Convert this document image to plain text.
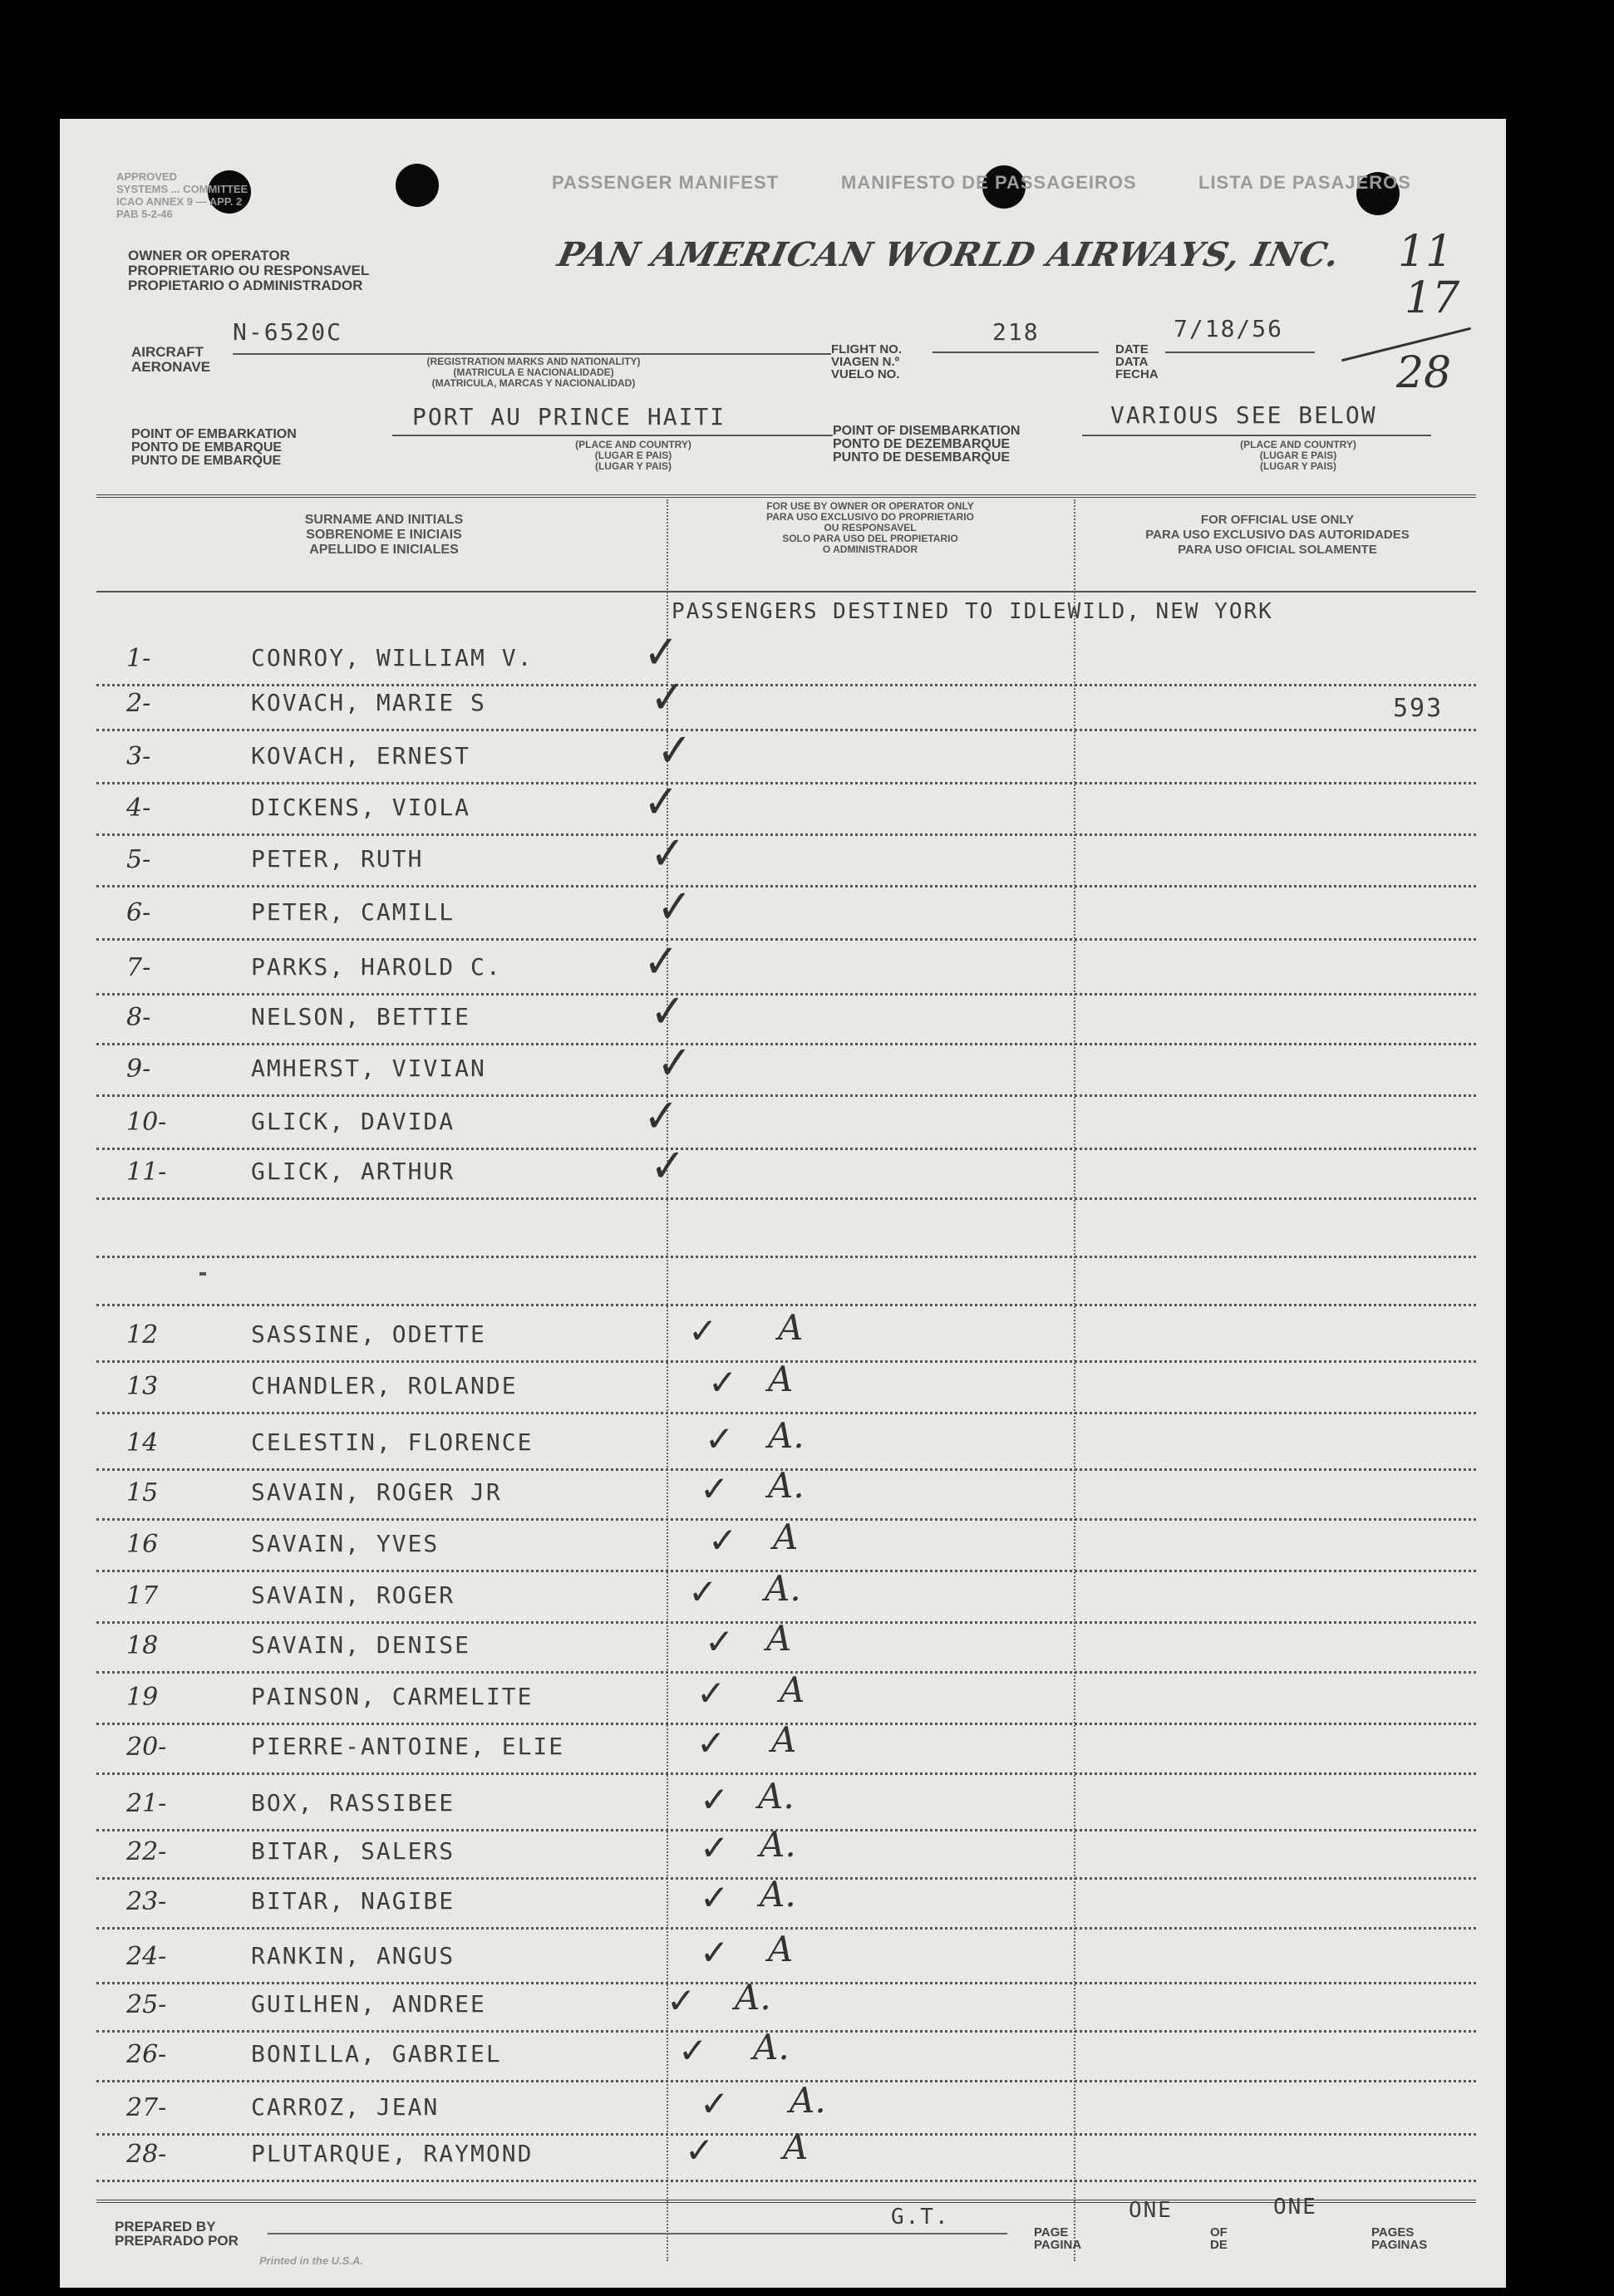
APPROVED
SYSTEMS ... COMMITTEE
ICAO ANNEX 9 — APP. 2
PAB 5-2-46
PASSENGER MANIFEST	MANIFESTO DE PASSAGEIROS	LISTA DE PASAJEROS
OWNER OR OPERATOR
PROPRIETARIO OU RESPONSAVEL
PROPIETARIO O ADMINISTRADOR
PAN AMERICAN WORLD AIRWAYS, INC. 11
17
28
AIRCRAFT
AERONAVE
N-6520C
(REGISTRATION MARKS AND NATIONALITY)
(MATRICULA E NACIONALIDADE)
(MATRICULA, MARCAS Y NACIONALIDAD)
FLIGHT NO.
VIAGEN N.º
VUELO NO.
218
DATE
DATA
FECHA
7/18/56
POINT OF EMBARKATION
PONTO DE EMBARQUE
PUNTO DE EMBARQUE
PORT AU PRINCE HAITI
(PLACE AND COUNTRY)
(LUGAR E PAIS)
(LUGAR Y PAIS)
POINT OF DISEMBARKATION
PONTO DE DEZEMBARQUE
PUNTO DE DESEMBARQUE
VARIOUS SEE BELOW
(PLACE AND COUNTRY)
(LUGAR E PAIS)
(LUGAR Y PAIS)
SURNAME AND INITIALS
SOBRENOME E INICIAIS
APELLIDO E INICIALES
FOR USE BY OWNER OR OPERATOR ONLY
PARA USO EXCLUSIVO DO PROPRIETARIO
OU RESPONSAVEL
SOLO PARA USO DEL PROPIETARIO
O ADMINISTRADOR
FOR OFFICIAL USE ONLY
PARA USO EXCLUSIVO DAS AUTORIDADES
PARA USO OFICIAL SOLAMENTE
PASSENGERS DESTINED TO IDLEWILD, NEW YORK
593
PREPARED BY
PREPARADO POR
G.T.
PAGE
PAGINA
ONE
OF
DE
ONE
PAGES
PAGINAS
Printed in the U.S.A.
1-	CONROY, WILLIAM V. ✓
2-	KOVACH, MARIE S	✓
3-	KOVACH, ERNEST	✓
4-	DICKENS, VIOLA	✓
5-	PETER, RUTH	✓
6-	PETER, CAMILL	✓
7-	PARKS, HAROLD C.	✓
8-	NELSON, BETTIE	✓
9-	AMHERST, VIVIAN	✓
10-	GLICK, DAVIDA	✓
11-	GLICK, ARTHUR	✓
12	SASSINE, ODETTE	✓ A
13	CHANDLER, ROLANDE	✓ A
14	CELESTIN, FLORENCE	✓ A.
15	SAVAIN, ROGER JR	✓ A.
16	SAVAIN, YVES	✓ A
17	SAVAIN, ROGER	✓ A.
18	SAVAIN, DENISE	✓ A
19	PAINSON, CARMELITE	✓ A
20-	PIERRE-ANTOINE, ELIE	✓ A
21-	BOX, RASSIBEE	✓ A.
22-	BITAR, SALERS	✓ A.
23-	BITAR, NAGIBE	✓ A.
24-	RANKIN, ANGUS	✓ A
25-	GUILHEN, ANDREE	✓ A.
26-	BONILLA, GABRIEL	✓ A.
27-	CARROZ, JEAN	✓ A.
28-	PLUTARQUE, RAYMOND	✓ A
